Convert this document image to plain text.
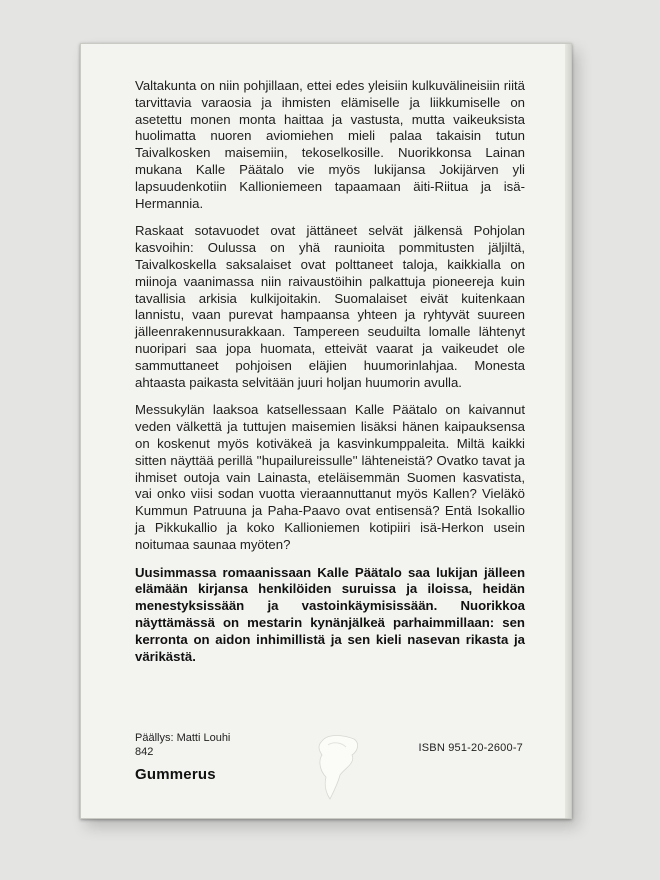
Valtakunta on niin pohjillaan, ettei edes yleisiin kulkuvälineisiin riitä tarvittavia varaosia ja ihmisten elämiselle ja liikkumiselle on asetettu monen monta haittaa ja vastusta, mutta vaikeuksista huolimatta nuoren aviomiehen mieli palaa takaisin tutun Taivalkosken maisemiin, tekoselkosille. Nuorikkonsa Lainan mukana Kalle Päätalo vie myös lukijansa Jokijärven yli lapsuudenkotiin Kallioniemeen tapaamaan äiti-Riitua ja isä-Hermannia.

Raskaat sotavuodet ovat jättäneet selvät jälkensä Pohjolan kasvoihin: Oulussa on yhä raunioita pommitusten jäljiltä, Taivalkoskella saksalaiset ovat polttaneet taloja, kaikkialla on miinoja vaanimassa niin raivaustöihin palkattuja pioneereja kuin tavallisia arkisia kulkijoitakin. Suomalaiset eivät kuitenkaan lannistu, vaan purevat hampaansa yhteen ja ryhtyvät suureen jälleenrakennusurakkaan. Tampereen seuduilta lomalle lähtenyt nuoripari saa jopa huomata, etteivät vaarat ja vaikeudet ole sammuttaneet pohjoisen eläjien huumorinlahjaa. Monesta ahtaasta paikasta selvitään juuri holjan huumorin avulla.

Messukylän laaksoa katsellessaan Kalle Päätalo on kaivannut veden välkettä ja tuttujen maisemien lisäksi hänen kaipauksensa on koskenut myös kotiväkeä ja kasvinkumppaleita. Miltä kaikki sitten näyttää perillä ''hupailureissulle'' lähteneistä? Ovatko tavat ja ihmiset outoja vain Lainasta, eteläisemmän Suomen kasvatista, vai onko viisi sodan vuotta vieraannuttanut myös Kallen? Vieläkö Kummun Patruuna ja Paha-Paavo ovat entisensä? Entä Isokallio ja Pikkukallio ja koko Kallioniemen kotipiiri isä-Herkon usein noitumaa saunaa myöten?

Uusimmassa romaanissaan Kalle Päätalo saa lukijan jälleen elämään kirjansa henkilöiden suruissa ja iloissa, heidän menestyksissään ja vastoinkäymisissään. Nuorikkoa näyttämässä on mestarin kynänjälkeä parhaimmillaan: sen kerronta on aidon inhimillistä ja sen kieli nasevan rikasta ja värikästä.

Päällys: Matti Louhi
842	ISBN 951-20-2600-7
Gummerus
